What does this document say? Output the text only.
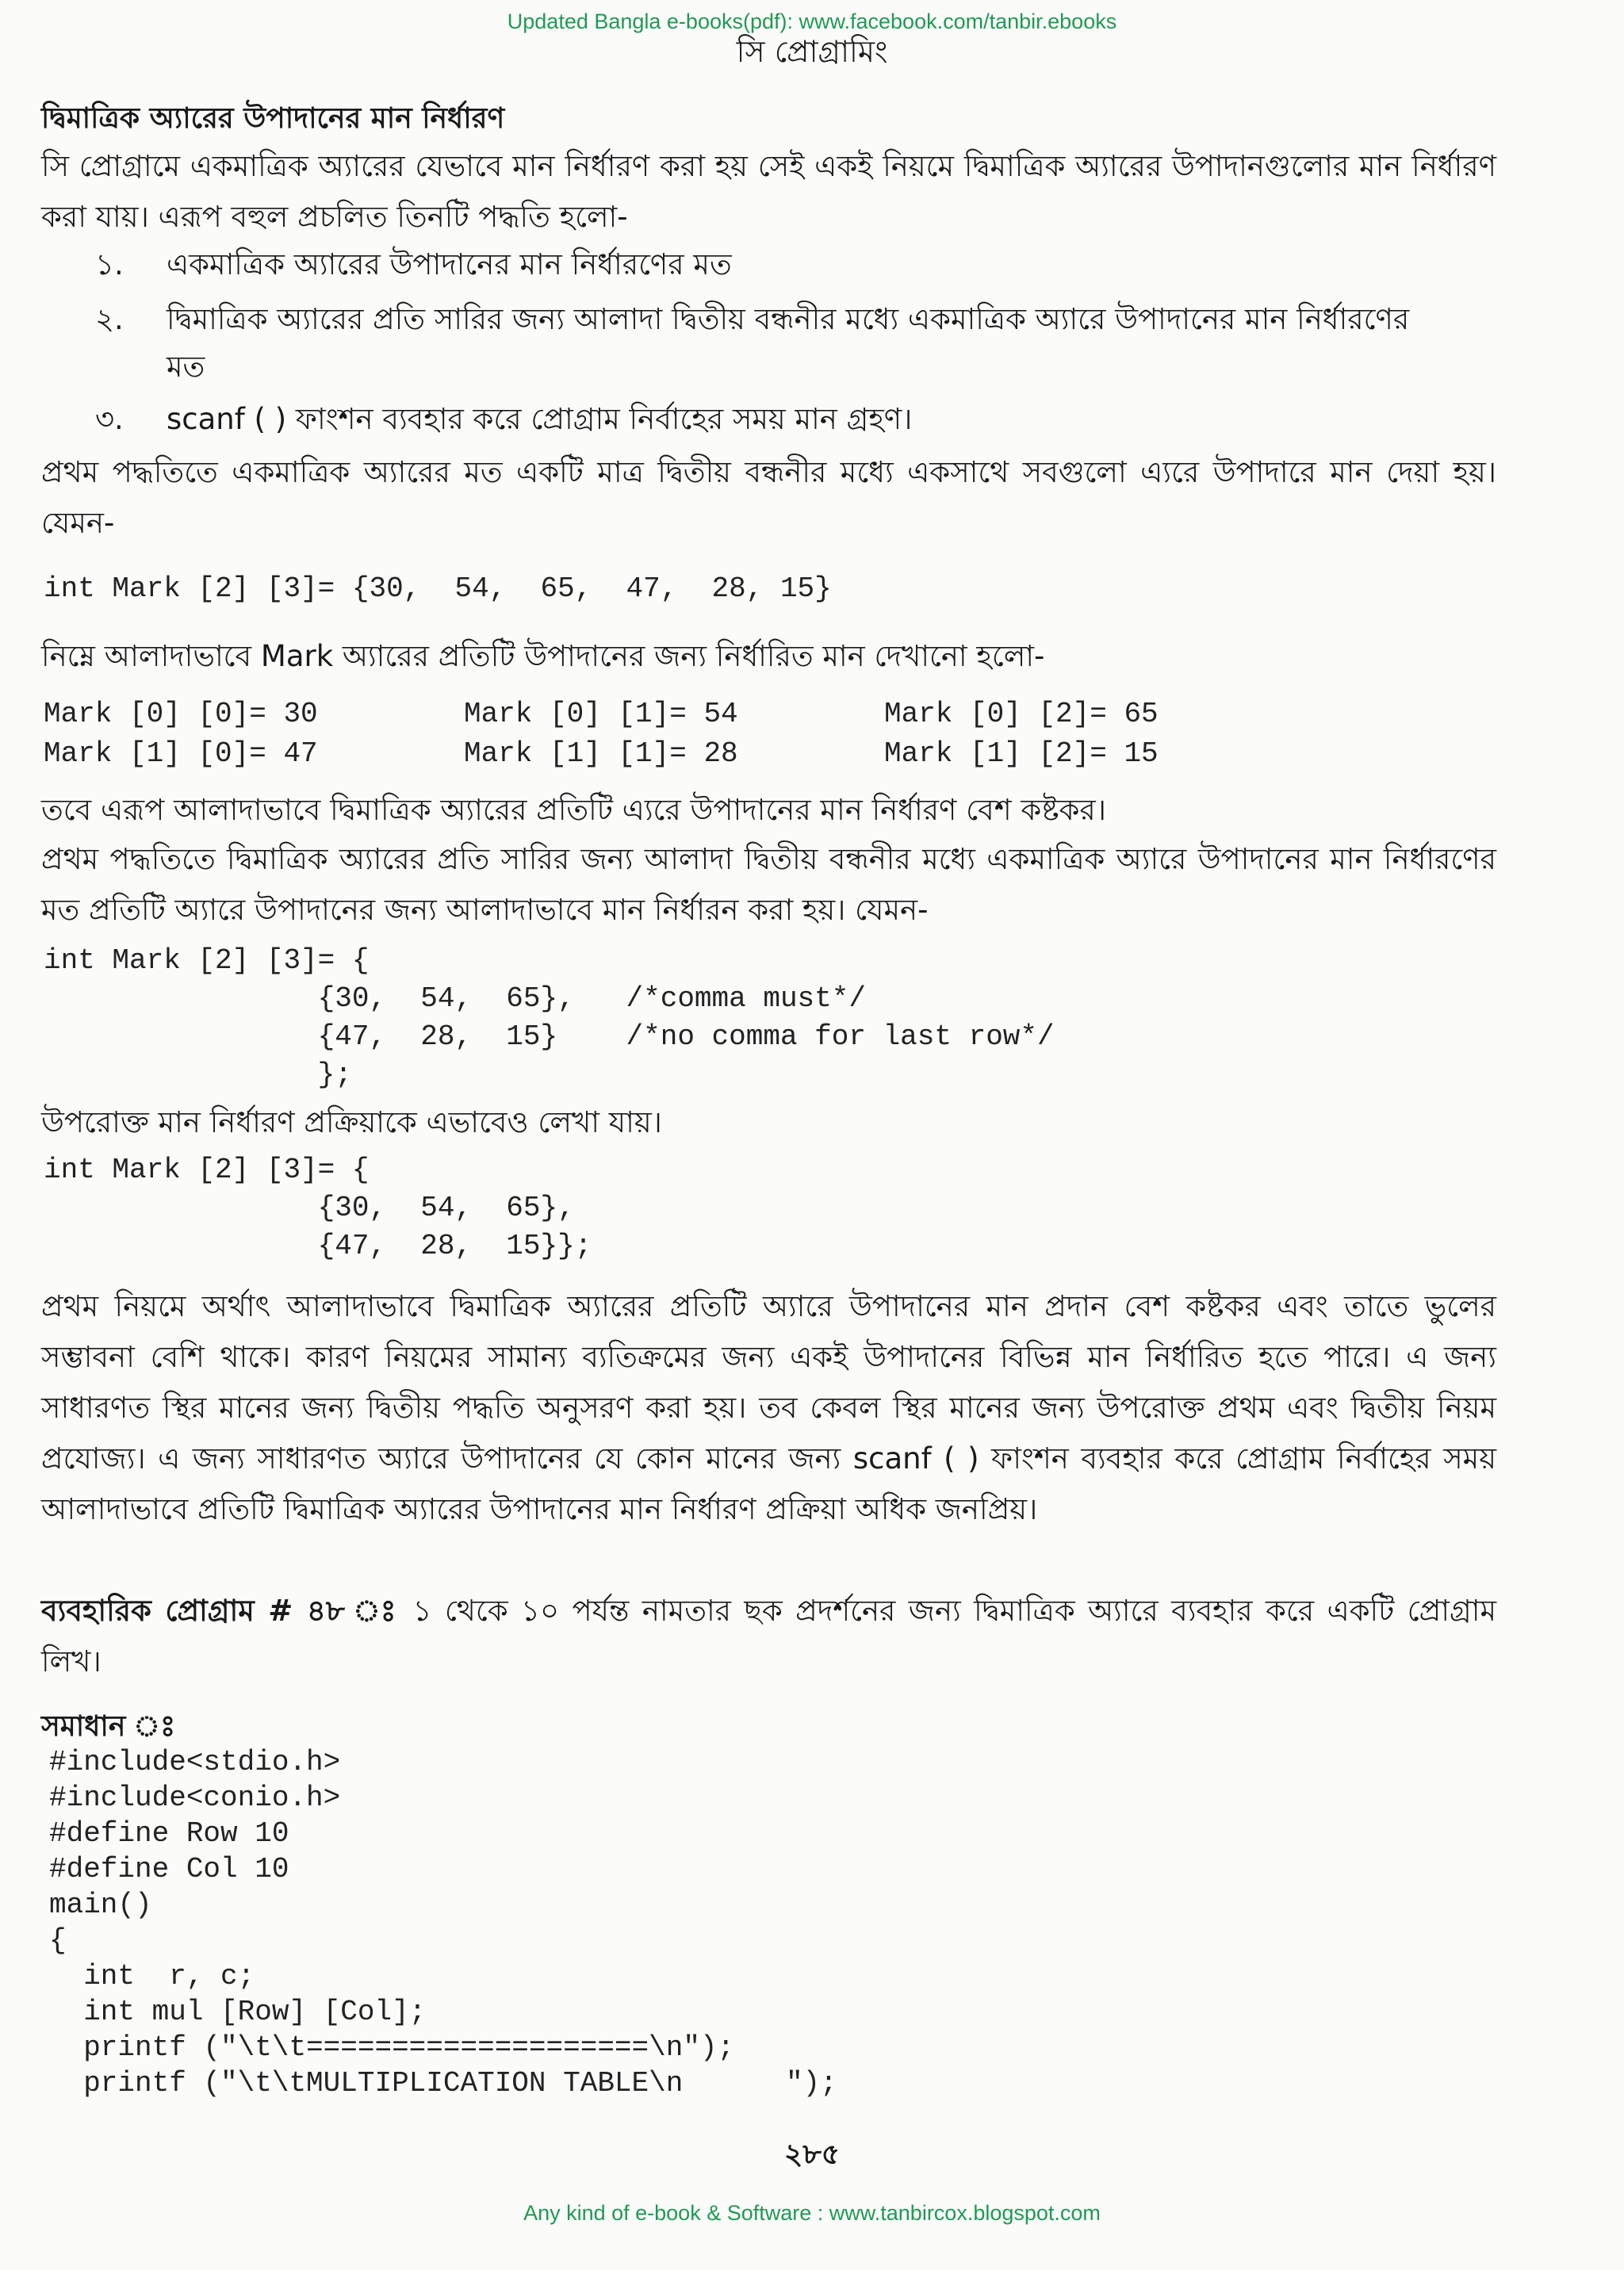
Updated Bangla e-books(pdf): www.facebook.com/tanbir.ebooks
সি প্রোগ্রামিং
দ্বিমাত্রিক অ্যারের উপাদানের মান নির্ধারণ
সি প্রোগ্রামে একমাত্রিক অ্যারের যেভাবে মান নির্ধারণ করা হয় সেই একই নিয়মে দ্বিমাত্রিক অ্যারের উপাদানগুলোর মান নির্ধারণ করা যায়। এরূপ বহুল প্রচলিত তিনটি পদ্ধতি হলো-
১.	একমাত্রিক অ্যারের উপাদানের মান নির্ধারণের মত
২.	দ্বিমাত্রিক অ্যারের প্রতি সারির জন্য আলাদা দ্বিতীয় বন্ধনীর মধ্যে একমাত্রিক অ্যারে উপাদানের মান নির্ধারণের মত
৩.	scanf ( ) ফাংশন ব্যবহার করে প্রোগ্রাম নির্বাহের সময় মান গ্রহণ।
প্রথম পদ্ধতিতে একমাত্রিক অ্যারের মত একটি মাত্র দ্বিতীয় বন্ধনীর মধ্যে একসাথে সবগুলো এ্যরে উপাদারে মান দেয়া হয়। যেমন-
int Mark [2] [3]= {30,  54,  65,  47,  28, 15}
নিম্নে আলাদাভাবে Mark অ্যারের প্রতিটি উপাদানের জন্য নির্ধারিত মান দেখানো হলো-
Mark [0] [0]= 30	Mark [0] [1]= 54	Mark [0] [2]= 65
Mark [1] [0]= 47	Mark [1] [1]= 28	Mark [1] [2]= 15
তবে এরূপ আলাদাভাবে দ্বিমাত্রিক অ্যারের প্রতিটি এ্যরে উপাদানের মান নির্ধারণ বেশ কষ্টকর।
প্রথম পদ্ধতিতে দ্বিমাত্রিক অ্যারের প্রতি সারির জন্য আলাদা দ্বিতীয় বন্ধনীর মধ্যে একমাত্রিক অ্যারে উপাদানের মান নির্ধারণের মত প্রতিটি অ্যারে উপাদানের জন্য আলাদাভাবে মান নির্ধারন করা হয়। যেমন-
int Mark [2] [3]= {
{30,  54,  65},   /*comma must*/
{47,  28,  15}    /*no comma for last row*/
};
উপরোক্ত মান নির্ধারণ প্রক্রিয়াকে এভাবেও লেখা যায়।
int Mark [2] [3]= {
{30,  54,  65},
{47,  28,  15}};
প্রথম নিয়মে অর্থাৎ আলাদাভাবে দ্বিমাত্রিক অ্যারের প্রতিটি অ্যারে উপাদানের মান প্রদান বেশ কষ্টকর এবং তাতে ভুলের সম্ভাবনা বেশি থাকে। কারণ নিয়মের সামান্য ব্যতিক্রমের জন্য একই উপাদানের বিভিন্ন মান নির্ধারিত হতে পারে। এ জন্য সাধারণত স্থির মানের জন্য দ্বিতীয় পদ্ধতি অনুসরণ করা হয়। তব কেবল স্থির মানের জন্য উপরোক্ত প্রথম এবং দ্বিতীয় নিয়ম প্রযোজ্য। এ জন্য সাধারণত অ্যারে উপাদানের যে কোন মানের জন্য scanf ( ) ফাংশন ব্যবহার করে প্রোগ্রাম নির্বাহের সময় আলাদাভাবে প্রতিটি দ্বিমাত্রিক অ্যারের উপাদানের মান নির্ধারণ প্রক্রিয়া অধিক জনপ্রিয়।
ব্যবহারিক প্রোগ্রাম # ৪৮ ঃ ১ থেকে ১০ পর্যন্ত নামতার ছক প্রদর্শনের জন্য দ্বিমাত্রিক অ্যারে ব্যবহার করে একটি প্রোগ্রাম লিখ।
সমাধান ঃ
#include<stdio.h>
#include<conio.h>
#define Row 10
#define Col 10
main()
{
int  r, c;
int mul [Row] [Col];
printf ("\t\t====================\n");
printf ("\t\tMULTIPLICATION TABLE\n      ");
২৮৫
Any kind of e-book & Software : www.tanbircox.blogspot.com
